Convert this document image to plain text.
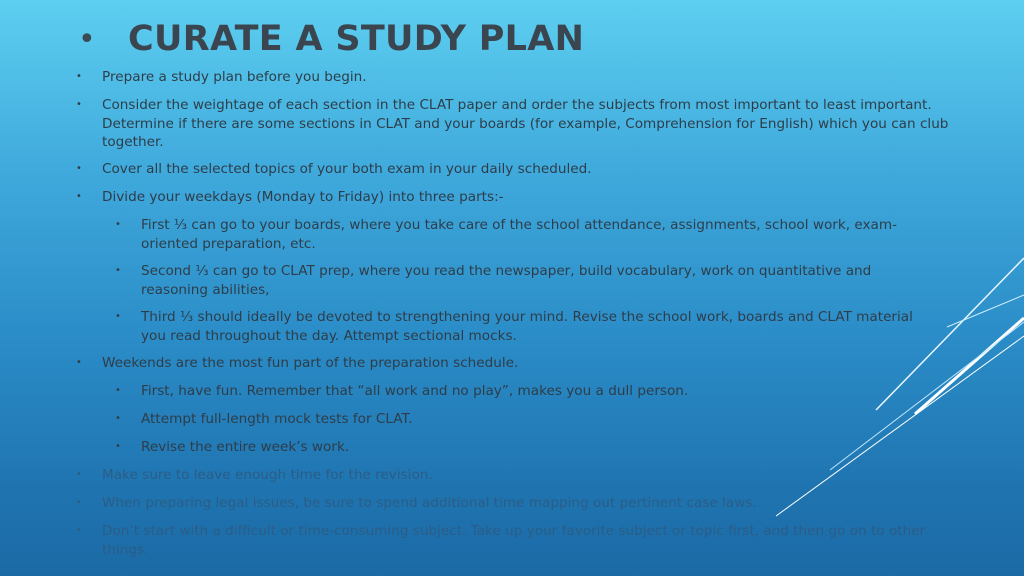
• CURATE A STUDY PLAN
• Prepare a study plan before you begin.
• Consider the weightage of each section in the CLAT paper and order the subjects from most important to least important. Determine if there are some sections in CLAT and your boards (for example, Comprehension for English) which you can club together.
• Cover all the selected topics of your both exam in your daily scheduled.
• Divide your weekdays (Monday to Friday) into three parts:-
• First ⅓ can go to your boards, where you take care of the school attendance, assignments, school work, exam-oriented preparation, etc.
• Second ⅓ can go to CLAT prep, where you read the newspaper, build vocabulary, work on quantitative and reasoning abilities,
• Third ⅓ should ideally be devoted to strengthening your mind. Revise the school work, boards and CLAT material you read throughout the day. Attempt sectional mocks.
• Weekends are the most fun part of the preparation schedule.
• First, have fun. Remember that “all work and no play”, makes you a dull person.
• Attempt full-length mock tests for CLAT.
• Revise the entire week’s work.
• Make sure to leave enough time for the revision.
• When preparing legal issues, be sure to spend additional time mapping out pertinent case laws.
• Don’t start with a difficult or time-consuming subject. Take up your favorite subject or topic first, and then go on to other things.
